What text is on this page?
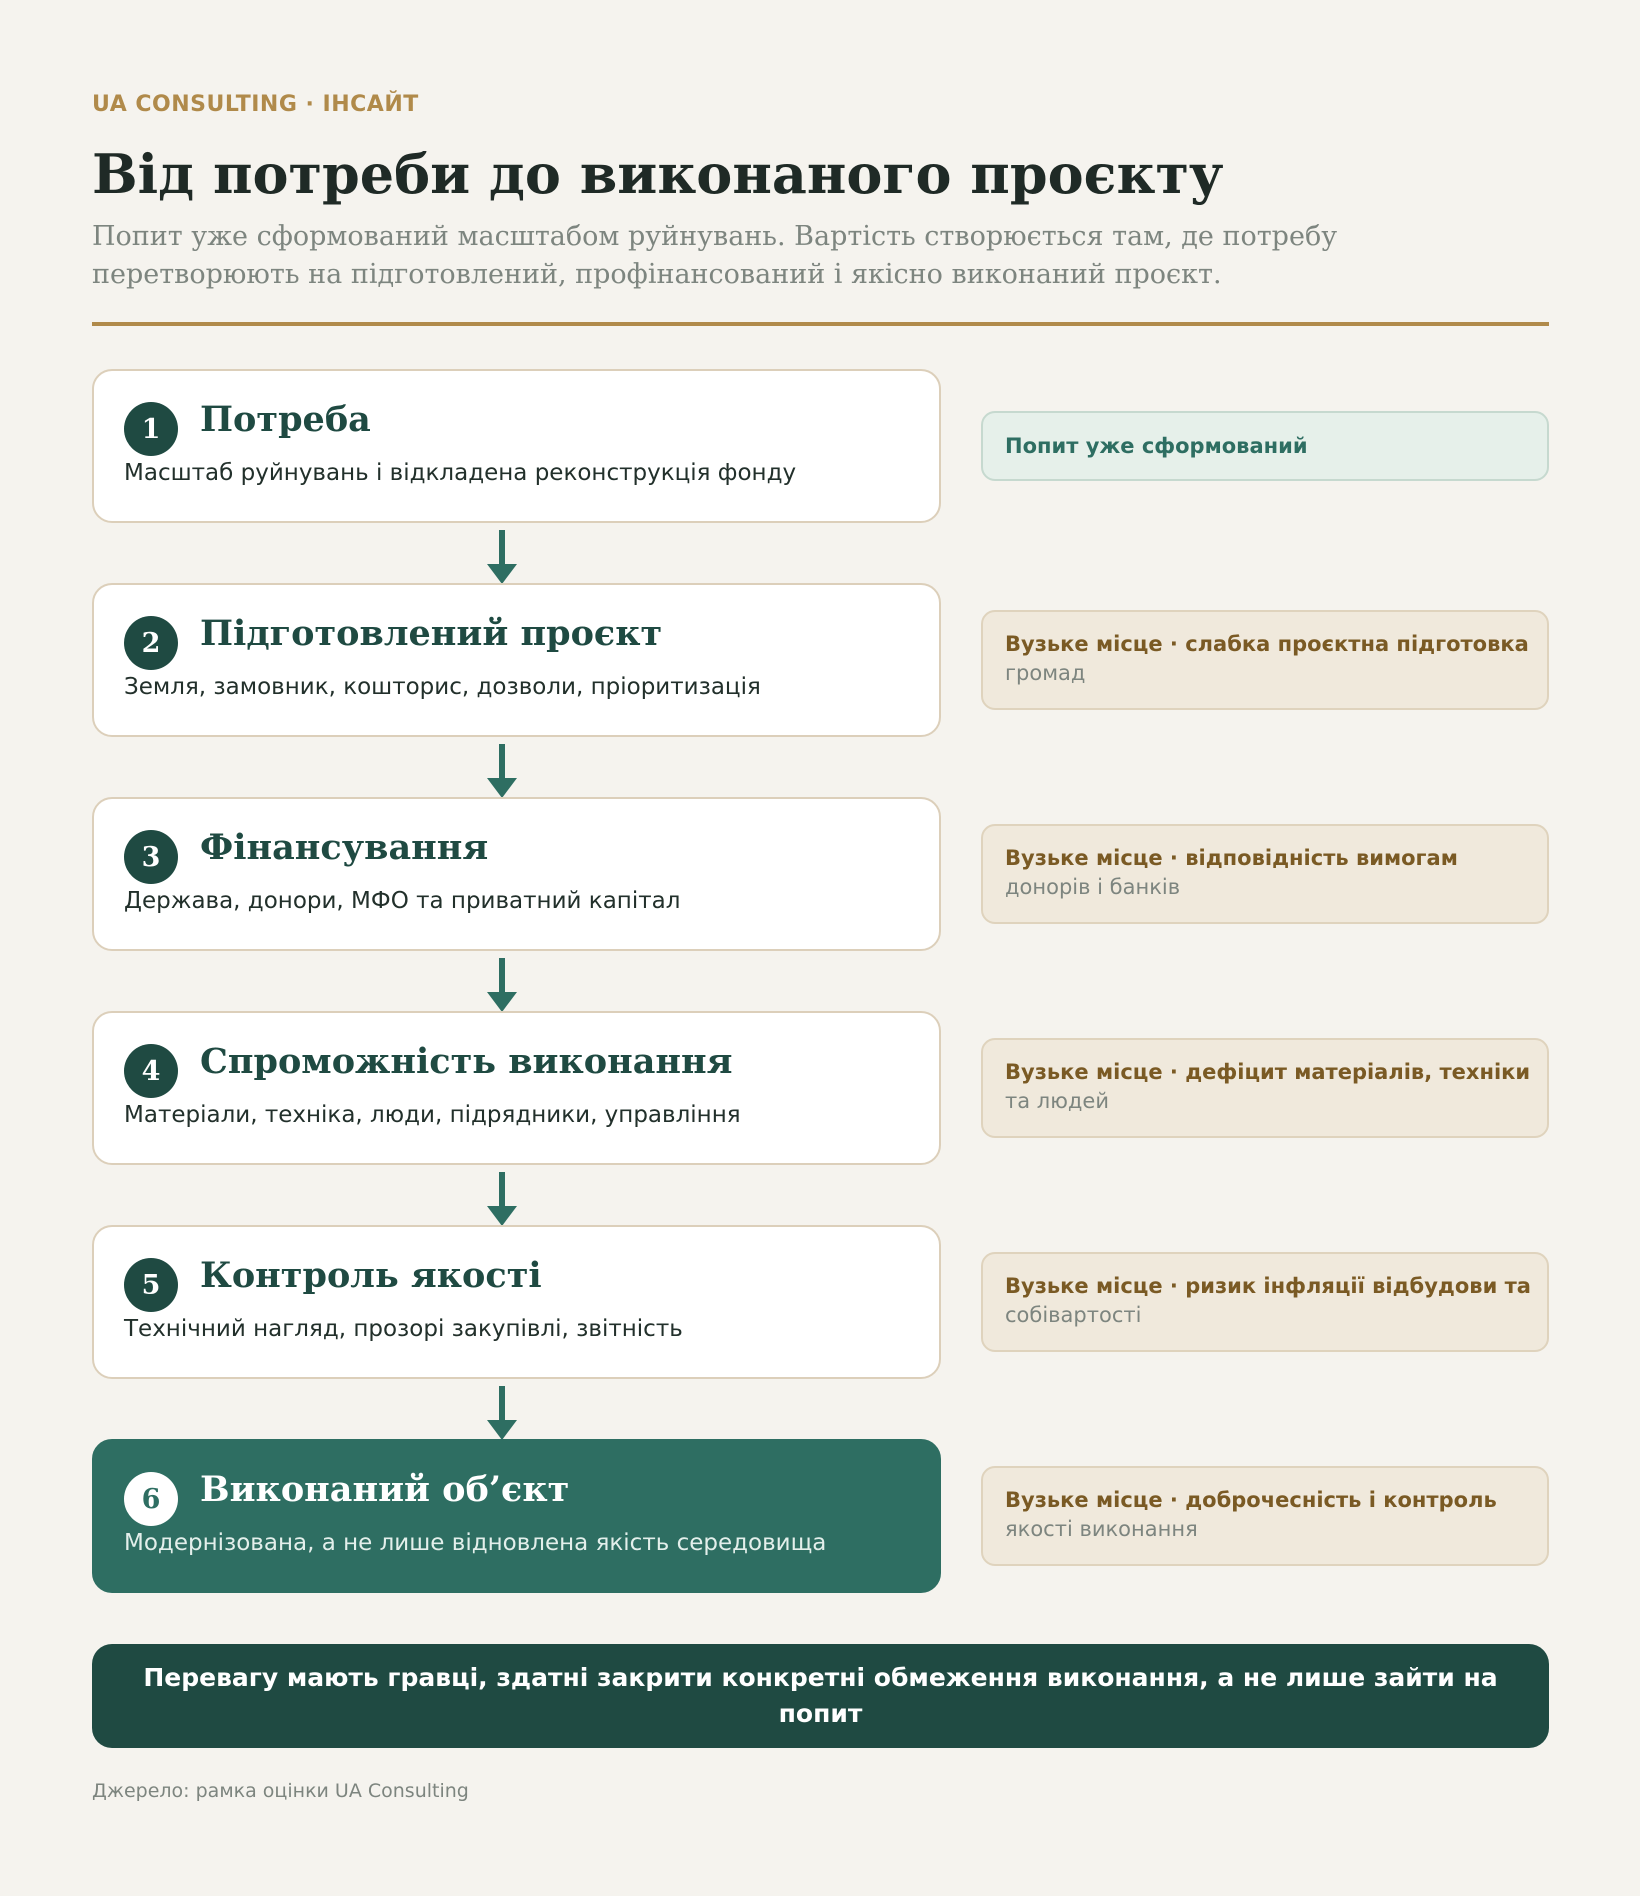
UA CONSULTING · ІНСАЙТ
Від потреби до виконаного проєкту

Попит уже сформований масштабом руйнувань. Вартість створюється там, де потребу перетворюють на підготовлений, профінансований і якісно виконаний проєкт.

1	Потреба
Масштаб руйнувань і відкладена реконструкція фонду
2	Підготовлений проєкт
Земля, замовник, кошторис, дозволи, пріоритизація
3	Фінансування
Держава, донори, МФО та приватний капітал
4	Спроможність виконання
Матеріали, техніка, люди, підрядники, управління
5	Контроль якості
Технічний нагляд, прозорі закупівлі, звітність
6	Виконаний об’єкт
Модернізована, а не лише відновлена якість середовища
Попит уже сформований
Вузьке місце · слабка проєктна підготовка
громад
Вузьке місце · відповідність вимогам
донорів і банків
Вузьке місце · дефіцит матеріалів, техніки
та людей
Вузьке місце · ризик інфляції відбудови та
собівартості
Вузьке місце · доброчесність і контроль
якості виконання
Перевагу мають гравці, здатні закрити конкретні обмеження виконання, а не лише зайти на попит
Джерело: рамка оцінки UA Consulting
